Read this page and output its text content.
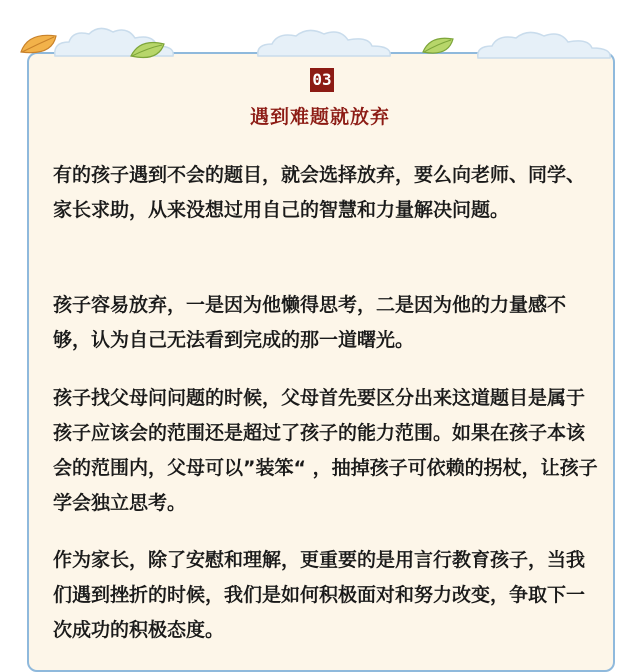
03
遇到难题就放弃

有的孩子遇到不会的题目，就会选择放弃，要么向老师、同学、家长求助，从来没想过用自己的智慧和力量解决问题。

孩子容易放弃，一是因为他懒得思考，二是因为他的力量感不够，认为自己无法看到完成的那一道曙光。

孩子找父母问问题的时候，父母首先要区分出来这道题目是属于孩子应该会的范围还是超过了孩子的能力范围。如果在孩子本该会的范围内，父母可以”装笨“ ，抽掉孩子可依赖的拐杖，让孩子学会独立思考。

作为家长，除了安慰和理解，更重要的是用言行教育孩子，当我们遇到挫折的时候，我们是如何积极面对和努力改变，争取下一次成功的积极态度。
